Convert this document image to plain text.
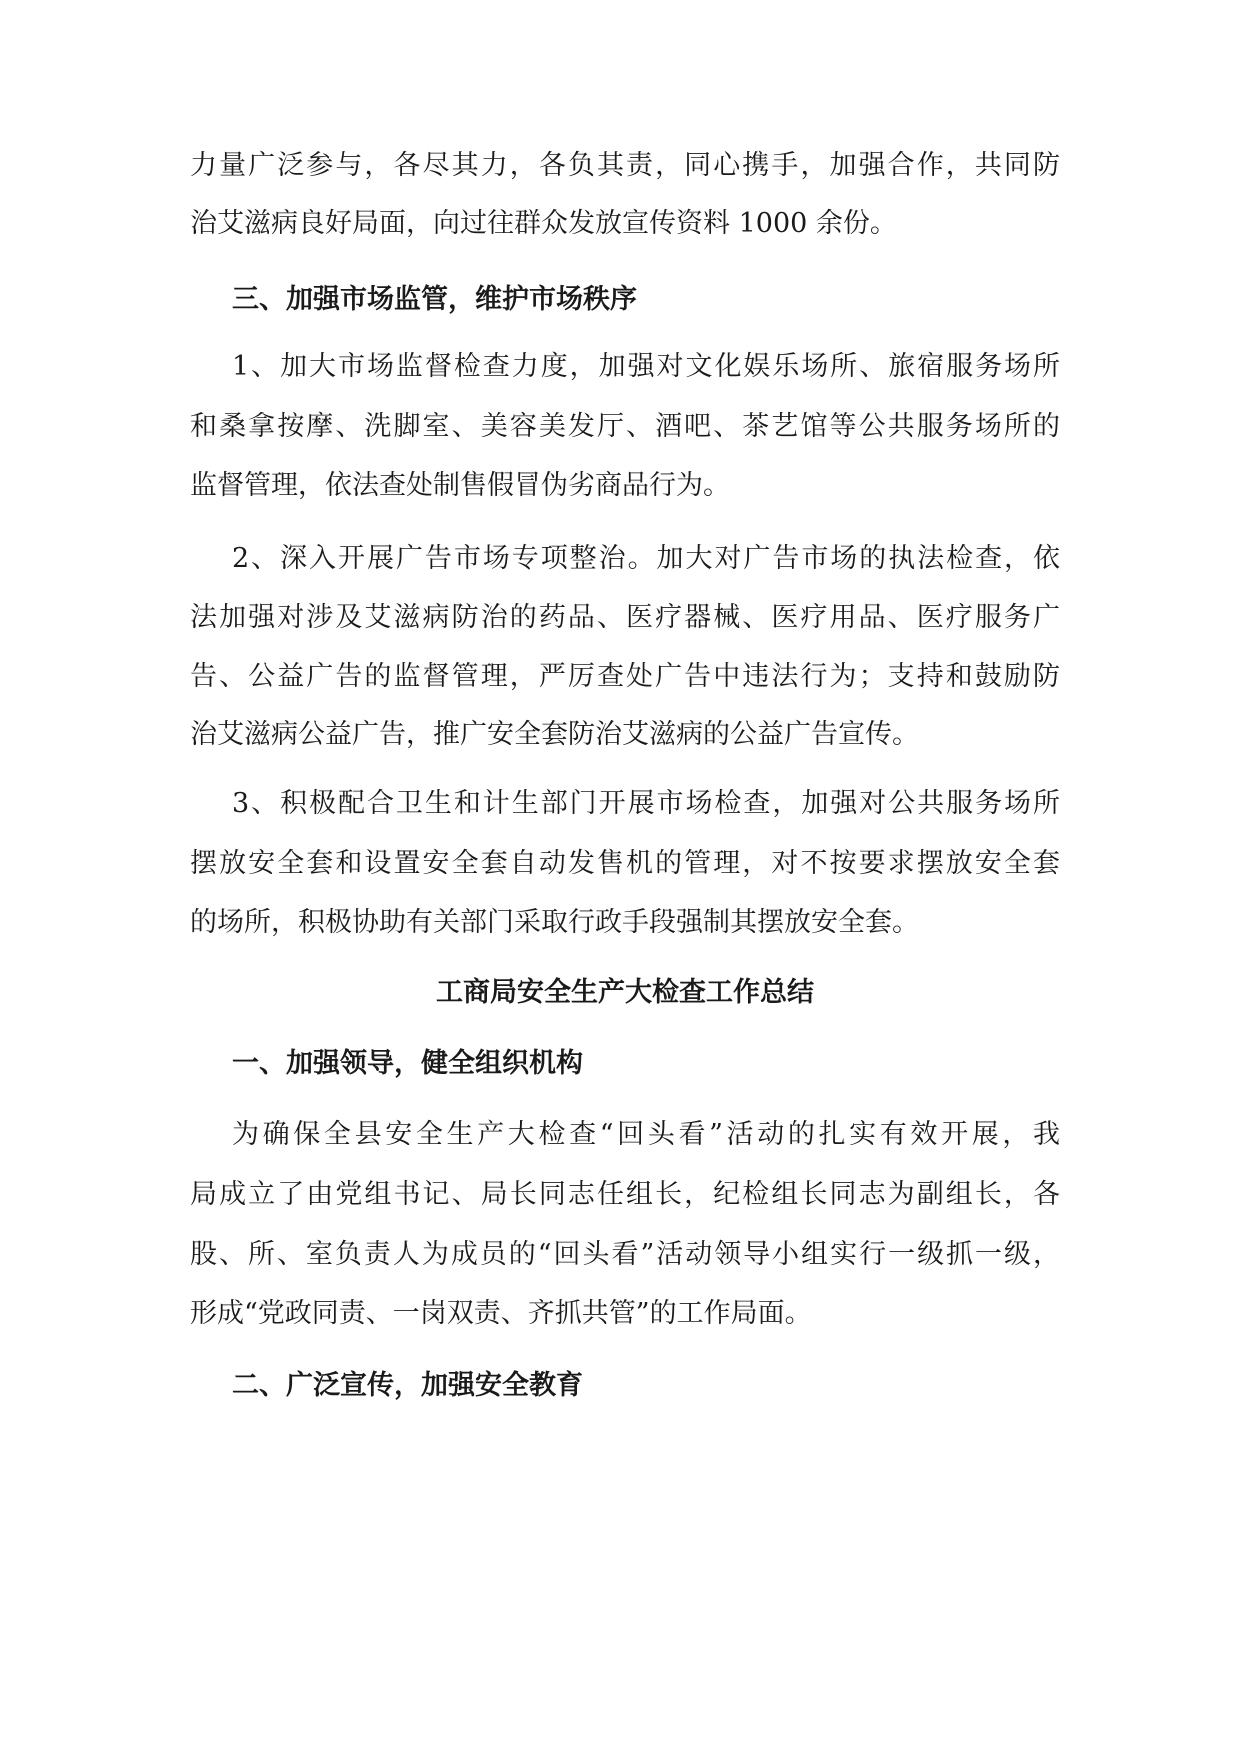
力量广泛参与，各尽其力，各负其责，同心携手，加强合作，共同防

治艾滋病良好局面，向过往群众发放宣传资料 1000 余份。

三、加强市场监管，维护市场秩序

1、加大市场监督检查力度，加强对文化娱乐场所、旅宿服务场所

和桑拿按摩、洗脚室、美容美发厅、酒吧、茶艺馆等公共服务场所的

监督管理，依法查处制售假冒伪劣商品行为。

2、深入开展广告市场专项整治。加大对广告市场的执法检查，依

法加强对涉及艾滋病防治的药品、医疗器械、医疗用品、医疗服务广

告、公益广告的监督管理，严厉查处广告中违法行为；支持和鼓励防

治艾滋病公益广告，推广安全套防治艾滋病的公益广告宣传。

3、积极配合卫生和计生部门开展市场检查，加强对公共服务场所

摆放安全套和设置安全套自动发售机的管理，对不按要求摆放安全套

的场所，积极协助有关部门采取行政手段强制其摆放安全套。

工商局安全生产大检查工作总结

一、加强领导，健全组织机构

为确保全县安全生产大检查“回头看”活动的扎实有效开展，我

局成立了由党组书记、局长同志任组长，纪检组长同志为副组长，各

股、所、室负责人为成员的“回头看”活动领导小组实行一级抓一级，

形成“党政同责、一岗双责、齐抓共管”的工作局面。

二、广泛宣传，加强安全教育
